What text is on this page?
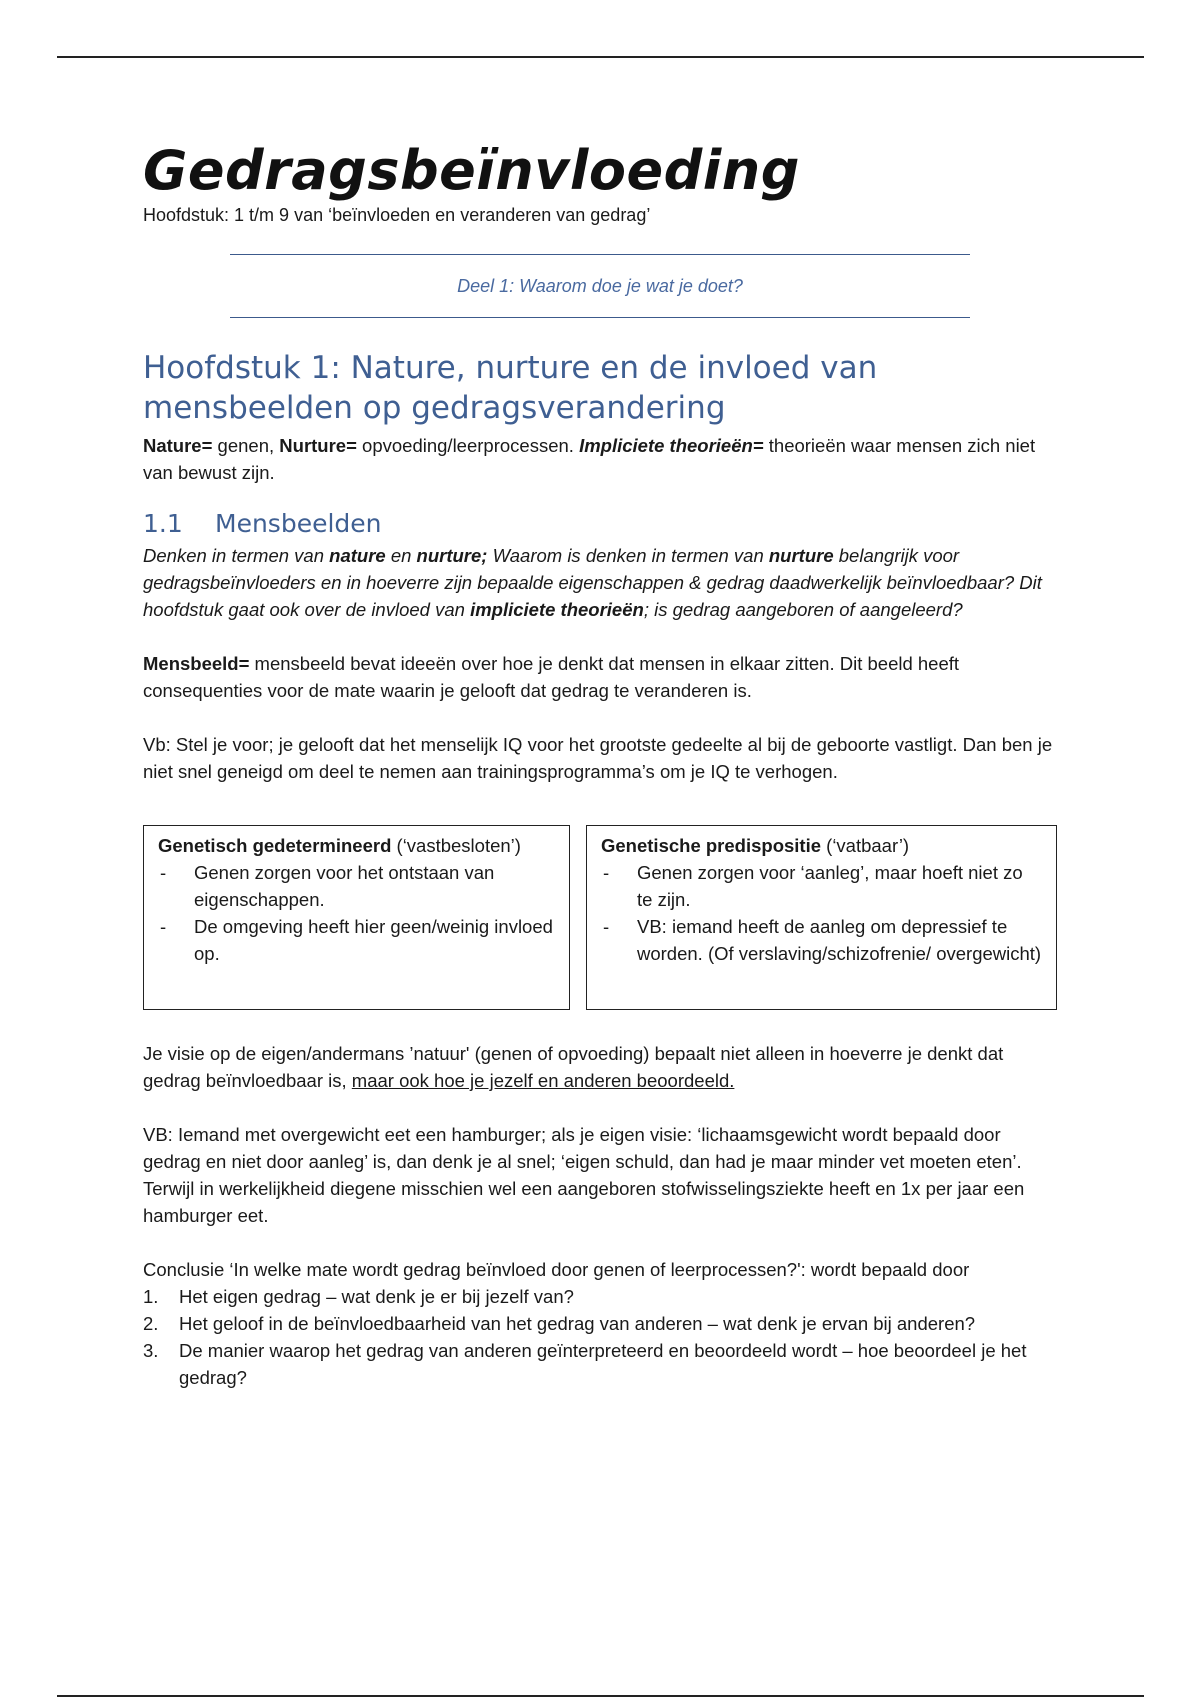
Gedragsbeïnvloeding

Hoofdstuk: 1 t/m 9 van ‘beïnvloeden en veranderen van gedrag’

Deel 1: Waarom doe je wat je doet?
Hoofdstuk 1: Nature, nurture en de invloed van mensbeelden op gedragsverandering

Nature= genen, Nurture= opvoeding/leerprocessen. Impliciete theorieën= theorieën waar mensen zich niet van bewust zijn.

1.1 Mensbeelden

Denken in termen van nature en nurture; Waarom is denken in termen van nurture belangrijk voor gedragsbeïnvloeders en in hoeverre zijn bepaalde eigenschappen & gedrag daadwerkelijk beïnvloedbaar? Dit hoofdstuk gaat ook over de invloed van impliciete theorieën; is gedrag aangeboren of aangeleerd?

Mensbeeld= mensbeeld bevat ideeën over hoe je denkt dat mensen in elkaar zitten. Dit beeld heeft consequenties voor de mate waarin je gelooft dat gedrag te veranderen is.

Vb: Stel je voor; je gelooft dat het menselijk IQ voor het grootste gedeelte al bij de geboorte vastligt. Dan ben je niet snel geneigd om deel te nemen aan trainingsprogramma’s om je IQ te verhogen.

Genetisch gedetermineerd (‘vastbesloten’)

- Genen zorgen voor het ontstaan van eigenschappen.
- De omgeving heeft hier geen/weinig invloed op.

Genetische predispositie (‘vatbaar’)

- Genen zorgen voor ‘aanleg’, maar hoeft niet zo te zijn.
- VB: iemand heeft de aanleg om depressief te worden. (Of verslaving/schizofrenie/ overgewicht)

Je visie op de eigen/andermans ’natuur' (genen of opvoeding) bepaalt niet alleen in hoeverre je denkt dat gedrag beïnvloedbaar is, maar ook hoe je jezelf en anderen beoordeeld.

VB: Iemand met overgewicht eet een hamburger; als je eigen visie: ‘lichaamsgewicht wordt bepaald door gedrag en niet door aanleg’ is, dan denk je al snel; ‘eigen schuld, dan had je maar minder vet moeten eten’. Terwijl in werkelijkheid diegene misschien wel een aangeboren stofwisselingsziekte heeft en 1x per jaar een hamburger eet.

Conclusie ‘In welke mate wordt gedrag beïnvloed door genen of leerprocessen?': wordt bepaald door

1. Het eigen gedrag – wat denk je er bij jezelf van?
2. Het geloof in de beïnvloedbaarheid van het gedrag van anderen – wat denk je ervan bij anderen?
3. De manier waarop het gedrag van anderen geïnterpreteerd en beoordeeld wordt – hoe beoordeel je het gedrag?
